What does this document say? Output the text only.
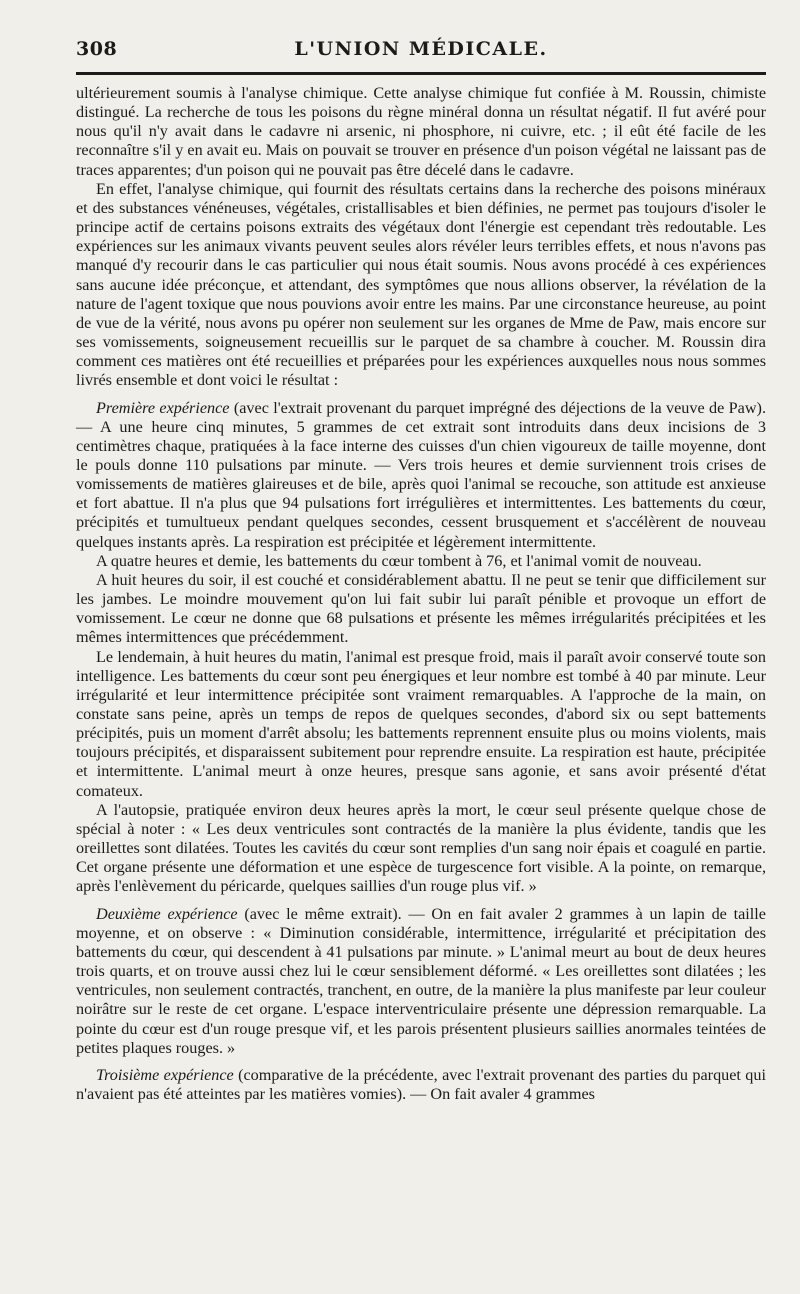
308	L'UNION MÉDICALE.

ultérieurement soumis à l'analyse chimique. Cette analyse chimique fut confiée à M. Roussin, chimiste distingué. La recherche de tous les poisons du règne minéral donna un résultat négatif. Il fut avéré pour nous qu'il n'y avait dans le cadavre ni arsenic, ni phosphore, ni cuivre, etc. ; il eût été facile de les reconnaître s'il y en avait eu. Mais on pouvait se trouver en présence d'un poison végétal ne laissant pas de traces apparentes; d'un poison qui ne pouvait pas être décelé dans le cadavre.

En effet, l'analyse chimique, qui fournit des résultats certains dans la recherche des poisons minéraux et des substances vénéneuses, végétales, cristallisables et bien définies, ne permet pas toujours d'isoler le principe actif de certains poisons extraits des végétaux dont l'énergie est cependant très redoutable. Les expériences sur les animaux vivants peuvent seules alors révéler leurs terribles effets, et nous n'avons pas manqué d'y recourir dans le cas particulier qui nous était soumis. Nous avons procédé à ces expériences sans aucune idée préconçue, et attendant, des symptômes que nous allions observer, la révélation de la nature de l'agent toxique que nous pouvions avoir entre les mains. Par une circonstance heureuse, au point de vue de la vérité, nous avons pu opérer non seulement sur les organes de Mme de Paw, mais encore sur ses vomissements, soigneusement recueillis sur le parquet de sa chambre à coucher. M. Roussin dira comment ces matières ont été recueillies et préparées pour les expériences auxquelles nous nous sommes livrés ensemble et dont voici le résultat :

Première expérience (avec l'extrait provenant du parquet imprégné des déjections de la veuve de Paw). — A une heure cinq minutes, 5 grammes de cet extrait sont introduits dans deux incisions de 3 centimètres chaque, pratiquées à la face interne des cuisses d'un chien vigoureux de taille moyenne, dont le pouls donne 110 pulsations par minute. — Vers trois heures et demie surviennent trois crises de vomissements de matières glaireuses et de bile, après quoi l'animal se recouche, son attitude est anxieuse et fort abattue. Il n'a plus que 94 pulsations fort irrégulières et intermittentes. Les battements du cœur, précipités et tumultueux pendant quelques secondes, cessent brusquement et s'accélèrent de nouveau quelques instants après. La respiration est précipitée et légèrement intermittente.

A quatre heures et demie, les battements du cœur tombent à 76, et l'animal vomit de nouveau.

A huit heures du soir, il est couché et considérablement abattu. Il ne peut se tenir que difficilement sur les jambes. Le moindre mouvement qu'on lui fait subir lui paraît pénible et provoque un effort de vomissement. Le cœur ne donne que 68 pulsations et présente les mêmes irrégularités précipitées et les mêmes intermittences que précédemment.

Le lendemain, à huit heures du matin, l'animal est presque froid, mais il paraît avoir conservé toute son intelligence. Les battements du cœur sont peu énergiques et leur nombre est tombé à 40 par minute. Leur irrégularité et leur intermittence précipitée sont vraiment remarquables. A l'approche de la main, on constate sans peine, après un temps de repos de quelques secondes, d'abord six ou sept battements précipités, puis un moment d'arrêt absolu; les battements reprennent ensuite plus ou moins violents, mais toujours précipités, et disparaissent subitement pour reprendre ensuite. La respiration est haute, précipitée et intermittente. L'animal meurt à onze heures, presque sans agonie, et sans avoir présenté d'état comateux.

A l'autopsie, pratiquée environ deux heures après la mort, le cœur seul présente quelque chose de spécial à noter : « Les deux ventricules sont contractés de la manière la plus évidente, tandis que les oreillettes sont dilatées. Toutes les cavités du cœur sont remplies d'un sang noir épais et coagulé en partie. Cet organe présente une déformation et une espèce de turgescence fort visible. A la pointe, on remarque, après l'enlèvement du péricarde, quelques saillies d'un rouge plus vif. »

Deuxième expérience (avec le même extrait). — On en fait avaler 2 grammes à un lapin de taille moyenne, et on observe : « Diminution considérable, intermittence, irrégularité et précipitation des battements du cœur, qui descendent à 41 pulsations par minute. » L'animal meurt au bout de deux heures trois quarts, et on trouve aussi chez lui le cœur sensiblement déformé. « Les oreillettes sont dilatées ; les ventricules, non seulement contractés, tranchent, en outre, de la manière la plus manifeste par leur couleur noirâtre sur le reste de cet organe. L'espace interventriculaire présente une dépression remarquable. La pointe du cœur est d'un rouge presque vif, et les parois présentent plusieurs saillies anormales teintées de petites plaques rouges. »

Troisième expérience (comparative de la précédente, avec l'extrait provenant des parties du parquet qui n'avaient pas été atteintes par les matières vomies). — On fait avaler 4 grammes
